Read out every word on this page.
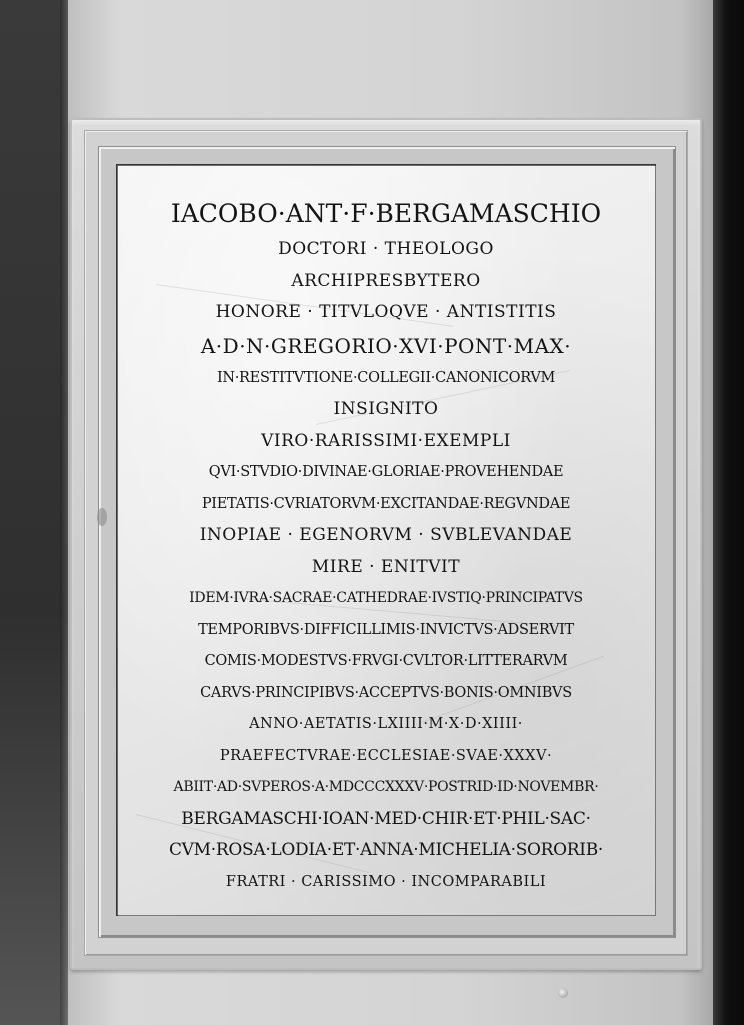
IACOBO·ANT·F·BERGAMASCHIO
DOCTORI · THEOLOGO
ARCHIPRESBYTERO
HONORE · TITVLOQVE · ANTISTITIS
A·D·N·GREGORIO·XVI·PONT·MAX·
IN·RESTITVTIONE·COLLEGII·CANONICORVM
INSIGNITO
VIRO·RARISSIMI·EXEMPLI
QVI·STVDIO·DIVINAE·GLORIAE·PROVEHENDAE
PIETATIS·CVRIATORVM·EXCITANDAE·REGVNDAE
INOPIAE · EGENORVM · SVBLEVANDAE
MIRE · ENITVIT
IDEM·IVRA·SACRAE·CATHEDRAE·IVSTIQ·PRINCIPATVS
TEMPORIBVS·DIFFICILLIMIS·INVICTVS·ADSERVIT
COMIS·MODESTVS·FRVGI·CVLTOR·LITTERARVM
CARVS·PRINCIPIBVS·ACCEPTVS·BONIS·OMNIBVS
ANNO·AETATIS·LXIIII·M·X·D·XIIII·
PRAEFECTVRAE·ECCLESIAE·SVAE·XXXV·
ABIIT·AD·SVPEROS·A·MDCCCXXXV·POSTRID·ID·NOVEMBR·
BERGAMASCHI·IOAN·MED·CHIR·ET·PHIL·SAC·
CVM·ROSA·LODIA·ET·ANNA·MICHELIA·SORORIB·
FRATRI · CARISSIMO · INCOMPARABILI
